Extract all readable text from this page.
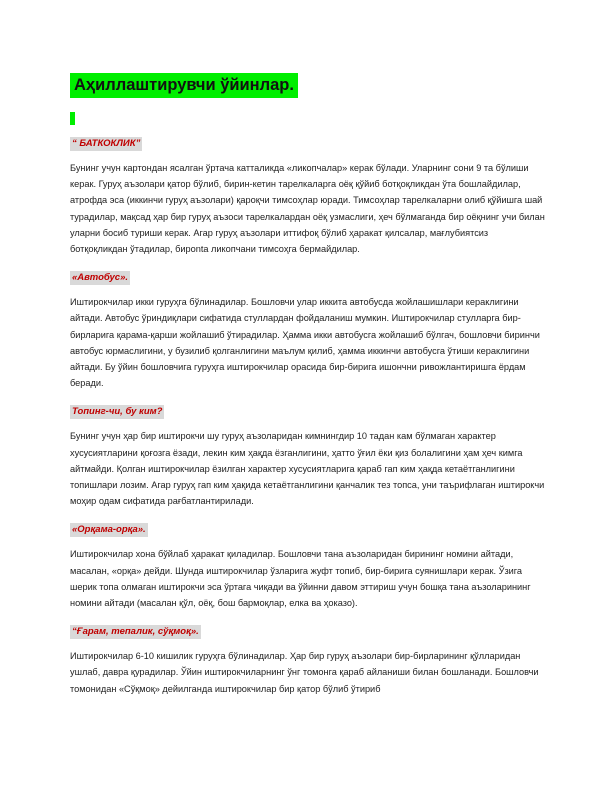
Аҳиллаштирувчи ўйинлар.
“ БАТКОКЛИК”

Бунинг учун картондан ясалган ўртача катталикда «ликопчалар» керак бўлади. Уларнинг сони 9 та бўлиши керак. Гуруҳ аъзолари қатор бўлиб, бирин-кетин тарелкаларга оёқ қўйиб ботқоқликдан ўта бошлайдилар, атрофда эса (иккинчи гуруҳ аъзолари) қароқчи тимсоҳлар юради. Тимсоҳлар тарелкаларни олиб қўйишга шай турадилар, мақсад ҳар бир гуруҳ аъзоси тарелкалардан оёқ узмаслиги, ҳеч бўлмаганда бир оёқнинг учи билан уларни босиб туриши керак. Агар гуруҳ аъзолари иттифоқ бўлиб ҳаракат қилсалар, мағлубиятсиз ботқоқликдан ўтадилар, бироnta ликопчани тимсоҳга бермайдилар.

«Автобус».

Иштирокчилар икки гуруҳга бўлинадилар. Бошловчи улар иккита автобусда жойлашишлари кераклигини айтади. Автобус ўриндиқлари сифатида стуллардан фойдаланиш мумкин. Иштирокчилар стулларга бир-бирларига қарама-қарши жойлашиб ўтирадилар. Ҳамма икки автобусга жойлашиб бўлгач, бошловчи биринчи автобус юрмаслигини, у бузилиб қолганлигини маълум қилиб, ҳамма иккинчи автобусга ўтиши кераклигини айтади. Бу ўйин бошловчига гуруҳга иштирокчилар орасида бир-бирига ишончни ривожлантиришга ёрдам беради.

Топинг-чи, бу ким?

Бунинг учун ҳар бир иштирокчи шу гуруҳ аъзоларидан кимнингдир 10 тадан кам бўлмаган характер хусусиятларини қоғозга ёзади, лекин ким ҳақда ёзганлигини, ҳатто ўғил ёки қиз болалигини ҳам ҳеч кимга айтмайди. Қолган иштирокчилар ёзилган характер хусусиятларига қараб гап ким ҳақда кетаётганлигини топишлари лозим. Агар гуруҳ гап ким ҳақида кетаётганлигини қанчалик тез топса, уни таърифлаган иштирокчи моҳир одам сифатида рағбатлантирилади.

«Орқама-орқа».

Иштирокчилар хона бўйлаб ҳаракат қиладилар. Бошловчи тана аъзоларидан бирининг номини айтади, масалан, «орқа» дейди. Шунда иштирокчилар ўзларига жуфт топиб, бир-бирига суянишлари керак. Ўзига шерик топа олмаган иштирокчи эса ўртага чиқади ва ўйинни давом эттириш учун бошқа тана аъзоларининг номини айтади (масалан қўл, оёқ, бош бармоқлар, елка ва ҳоказо).

“Ғарам, тепалик, сўқмоқ».

Иштирокчилар 6-10 кишилик гуруҳга бўлинадилар. Ҳар бир гуруҳ аъзолари бир-бирларининг қўлларидан ушлаб, давра қурадилар. Ўйин иштирокчиларнинг ўнг томонга қараб айланиши билан бошланади. Бошловчи томонидан «Сўқмоқ» дейилганда иштирокчилар бир қатор бўлиб ўтириб
